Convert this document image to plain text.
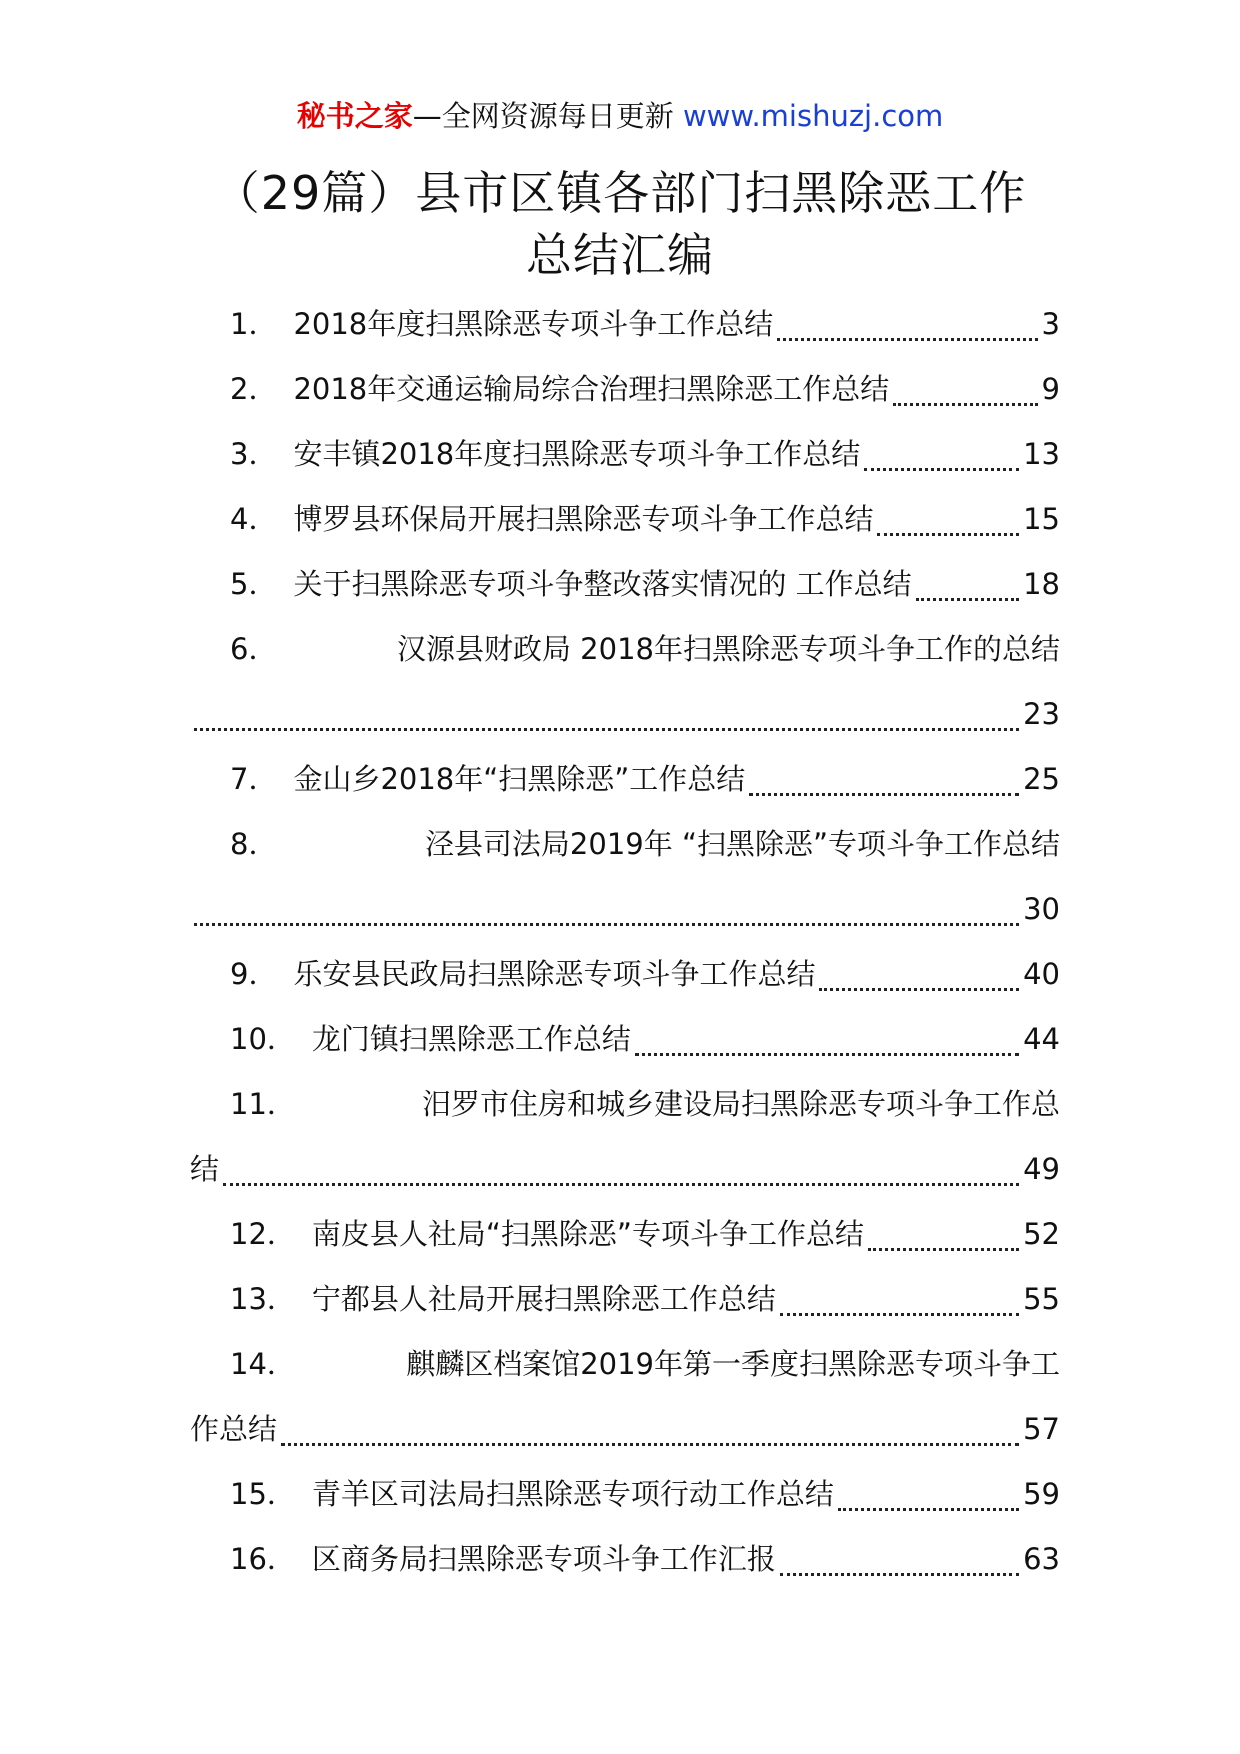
秘书之家—全网资源每日更新 www.mishuzj.com
（29篇）县市区镇各部门扫黑除恶工作
总结汇编
1． 2018年度扫黑除恶专项斗争工作总结	3
2． 2018年交通运输局综合治理扫黑除恶工作总结	9
3． 安丰镇2018年度扫黑除恶专项斗争工作总结	13
4． 博罗县环保局开展扫黑除恶专项斗争工作总结	15
5． 关于扫黑除恶专项斗争整改落实情况的 工作总结	18
6．	汉源县财政局 2018年扫黑除恶专项斗争工作的总结
23
7． 金山乡2018年“扫黑除恶”工作总结	25
8．	泾县司法局2019年 “扫黑除恶”专项斗争工作总结
30
9． 乐安县民政局扫黑除恶专项斗争工作总结	40
10． 龙门镇扫黑除恶工作总结	44
11．	汨罗市住房和城乡建设局扫黑除恶专项斗争工作总
结	49
12． 南皮县人社局“扫黑除恶”专项斗争工作总结	52
13． 宁都县人社局开展扫黑除恶工作总结	55
14．	麒麟区档案馆2019年第一季度扫黑除恶专项斗争工
作总结	57
15． 青羊区司法局扫黑除恶专项行动工作总结	59
16． 区商务局扫黑除恶专项斗争工作汇报	63
